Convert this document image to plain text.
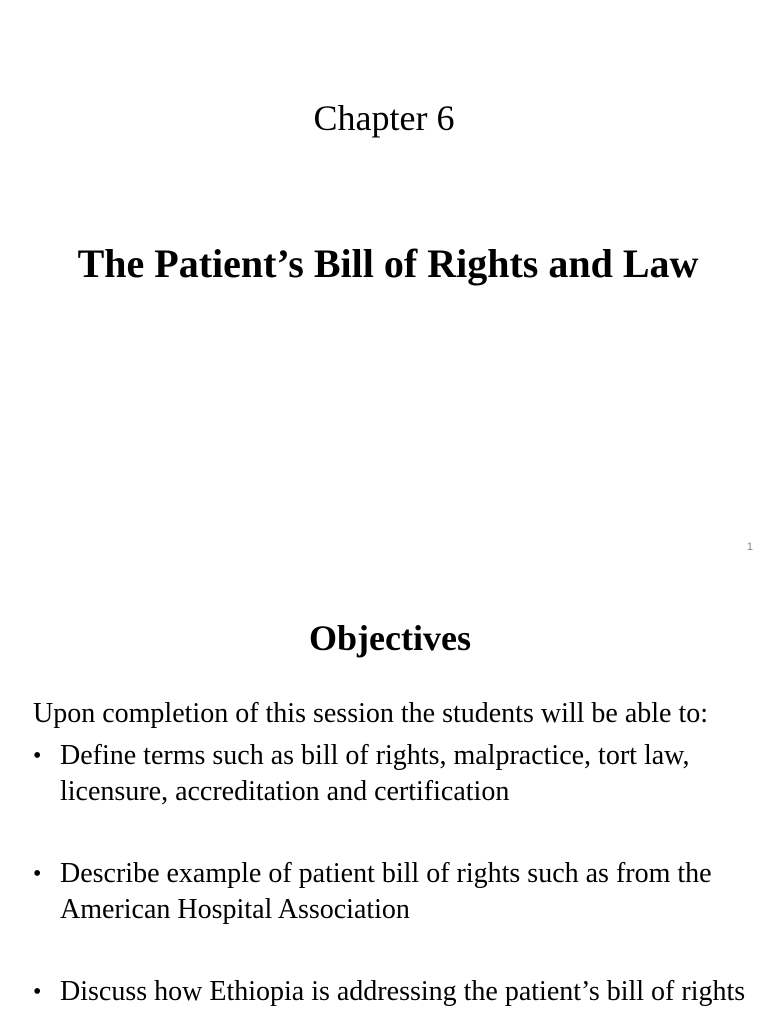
Chapter 6
The Patient’s Bill of Rights and Law
1
Objectives
Upon completion of this session the students will be able to:
• Define terms such as bill of rights, malpractice, tort law, licensure, accreditation and certification
• Describe example of patient bill of rights such as from the American Hospital Association
• Discuss how Ethiopia is addressing the patient’s bill of rights
